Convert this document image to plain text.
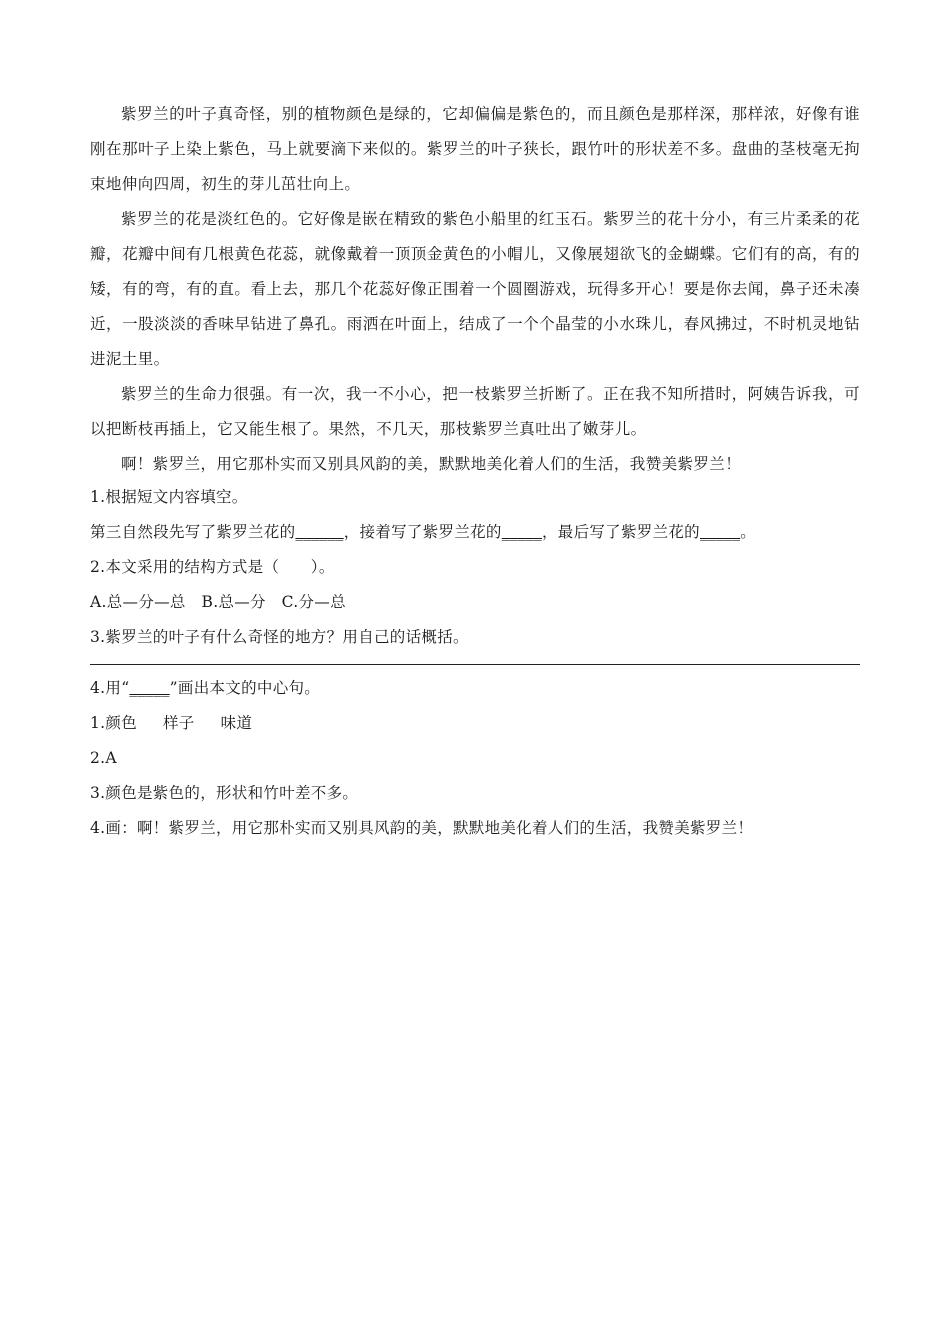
紫罗兰的叶子真奇怪，别的植物颜色是绿的，它却偏偏是紫色的，而且颜色是那样深，那样浓，好像有谁刚在那叶子上染上紫色，马上就要滴下来似的。紫罗兰的叶子狭长，跟竹叶的形状差不多。盘曲的茎枝毫无拘束地伸向四周，初生的芽儿茁壮向上。

紫罗兰的花是淡红色的。它好像是嵌在精致的紫色小船里的红玉石。紫罗兰的花十分小，有三片柔柔的花瓣，花瓣中间有几根黄色花蕊，就像戴着一顶顶金黄色的小帽儿，又像展翅欲飞的金蝴蝶。它们有的高，有的矮，有的弯，有的直。看上去，那几个花蕊好像正围着一个圆圈游戏，玩得多开心！要是你去闻，鼻子还未凑近，一股淡淡的香味早钻进了鼻孔。雨洒在叶面上，结成了一个个晶莹的小水珠儿，春风拂过，不时机灵地钻进泥土里。

紫罗兰的生命力很强。有一次，我一不小心，把一枝紫罗兰折断了。正在我不知所措时，阿姨告诉我，可以把断枝再插上，它又能生根了。果然，不几天，那枝紫罗兰真吐出了嫩芽儿。

啊！紫罗兰，用它那朴实而又别具风韵的美，默默地美化着人们的生活，我赞美紫罗兰！

1.根据短文内容填空。
第三自然段先写了紫罗兰花的______，接着写了紫罗兰花的_____，最后写了紫罗兰花的_____。
2.本文采用的结构方式是（　　）。
A.总—分—总　B.总—分　C.分—总
3.紫罗兰的叶子有什么奇怪的地方？用自己的话概括。
4.用“_____”画出本文的中心句。
1.颜色 样子 味道
2.A
3.颜色是紫色的，形状和竹叶差不多。
4.画：啊！紫罗兰，用它那朴实而又别具风韵的美，默默地美化着人们的生活，我赞美紫罗兰！
